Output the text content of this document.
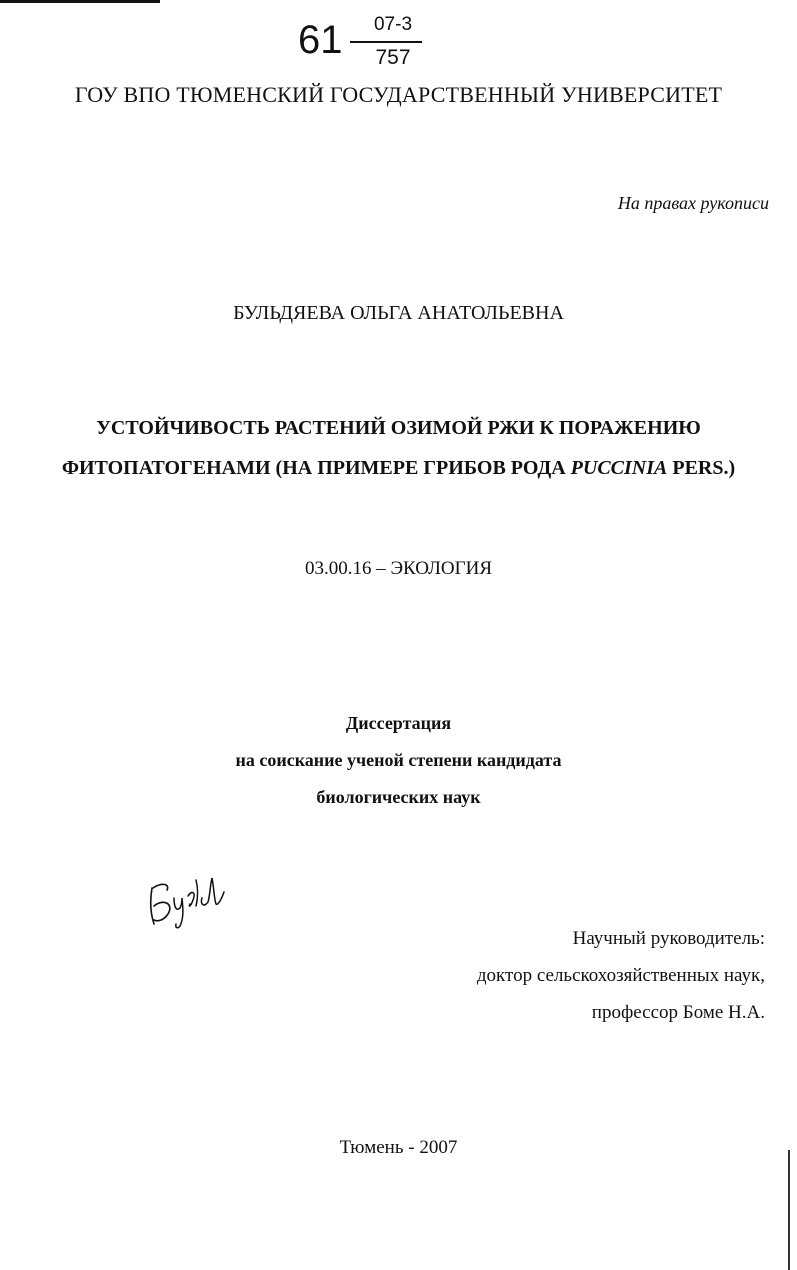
61	07-3
757
ГОУ ВПО ТЮМЕНСКИЙ ГОСУДАРСТВЕННЫЙ УНИВЕРСИТЕТ
На правах рукописи
БУЛЬДЯЕВА ОЛЬГА АНАТОЛЬЕВНА
УСТОЙЧИВОСТЬ РАСТЕНИЙ ОЗИМОЙ РЖИ К ПОРАЖЕНИЮ
ФИТОПАТОГЕНАМИ (НА ПРИМЕРЕ ГРИБОВ РОДА PUCCINIA PERS.)
03.00.16 – ЭКОЛОГИЯ
Диссертация
на соискание ученой степени кандидата
биологических наук
Научный руководитель:
доктор сельскохозяйственных наук,
профессор Боме Н.А.
Тюмень - 2007
